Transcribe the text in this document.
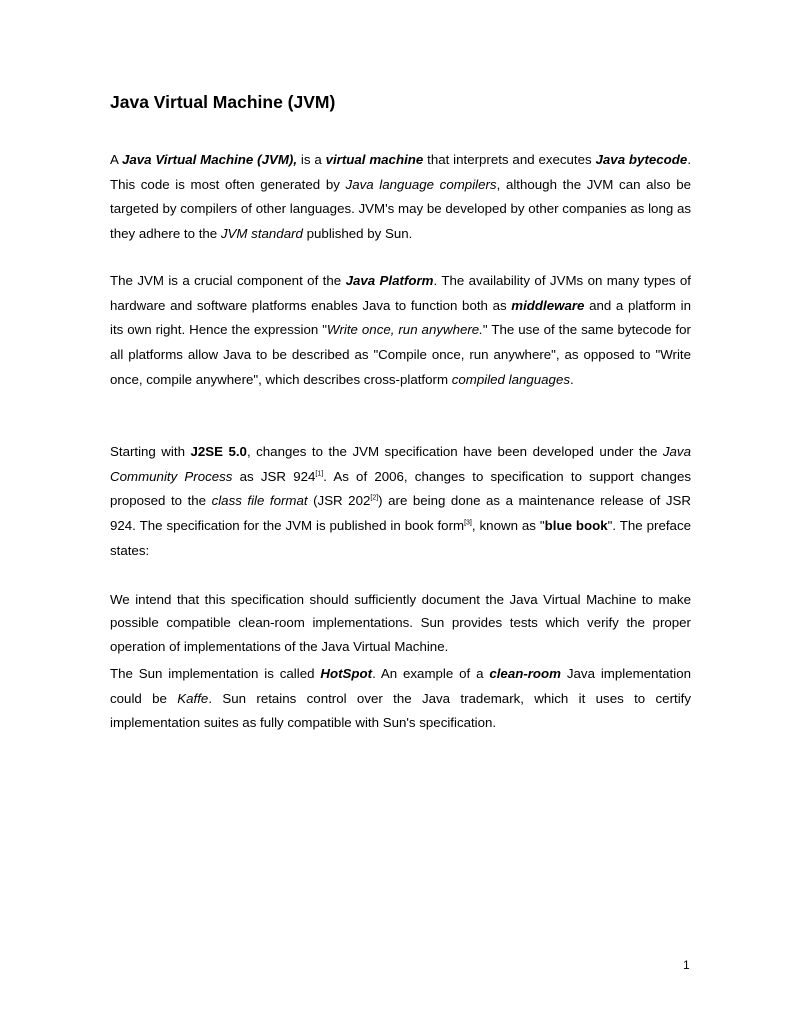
Java Virtual Machine (JVM)

A Java Virtual Machine (JVM), is a virtual machine that interprets and executes Java bytecode. This code is most often generated by Java language compilers, although the JVM can also be targeted by compilers of other languages. JVM's may be developed by other companies as long as they adhere to the JVM standard published by Sun.

The JVM is a crucial component of the Java Platform. The availability of JVMs on many types of hardware and software platforms enables Java to function both as middleware and a platform in its own right. Hence the expression "Write once, run anywhere." The use of the same bytecode for all platforms allow Java to be described as "Compile once, run anywhere", as opposed to "Write once, compile anywhere", which describes cross-platform compiled languages.

Starting with J2SE 5.0, changes to the JVM specification have been developed under the Java Community Process as JSR 924[1]. As of 2006, changes to specification to support changes proposed to the class file format (JSR 202[2]) are being done as a maintenance release of JSR 924. The specification for the JVM is published in book form[3], known as "blue book". The preface states:

We intend that this specification should sufficiently document the Java Virtual Machine to make possible compatible clean-room implementations. Sun provides tests which verify the proper operation of implementations of the Java Virtual Machine.

The Sun implementation is called HotSpot. An example of a clean-room Java implementation could be Kaffe. Sun retains control over the Java trademark, which it uses to certify implementation suites as fully compatible with Sun's specification.

1
